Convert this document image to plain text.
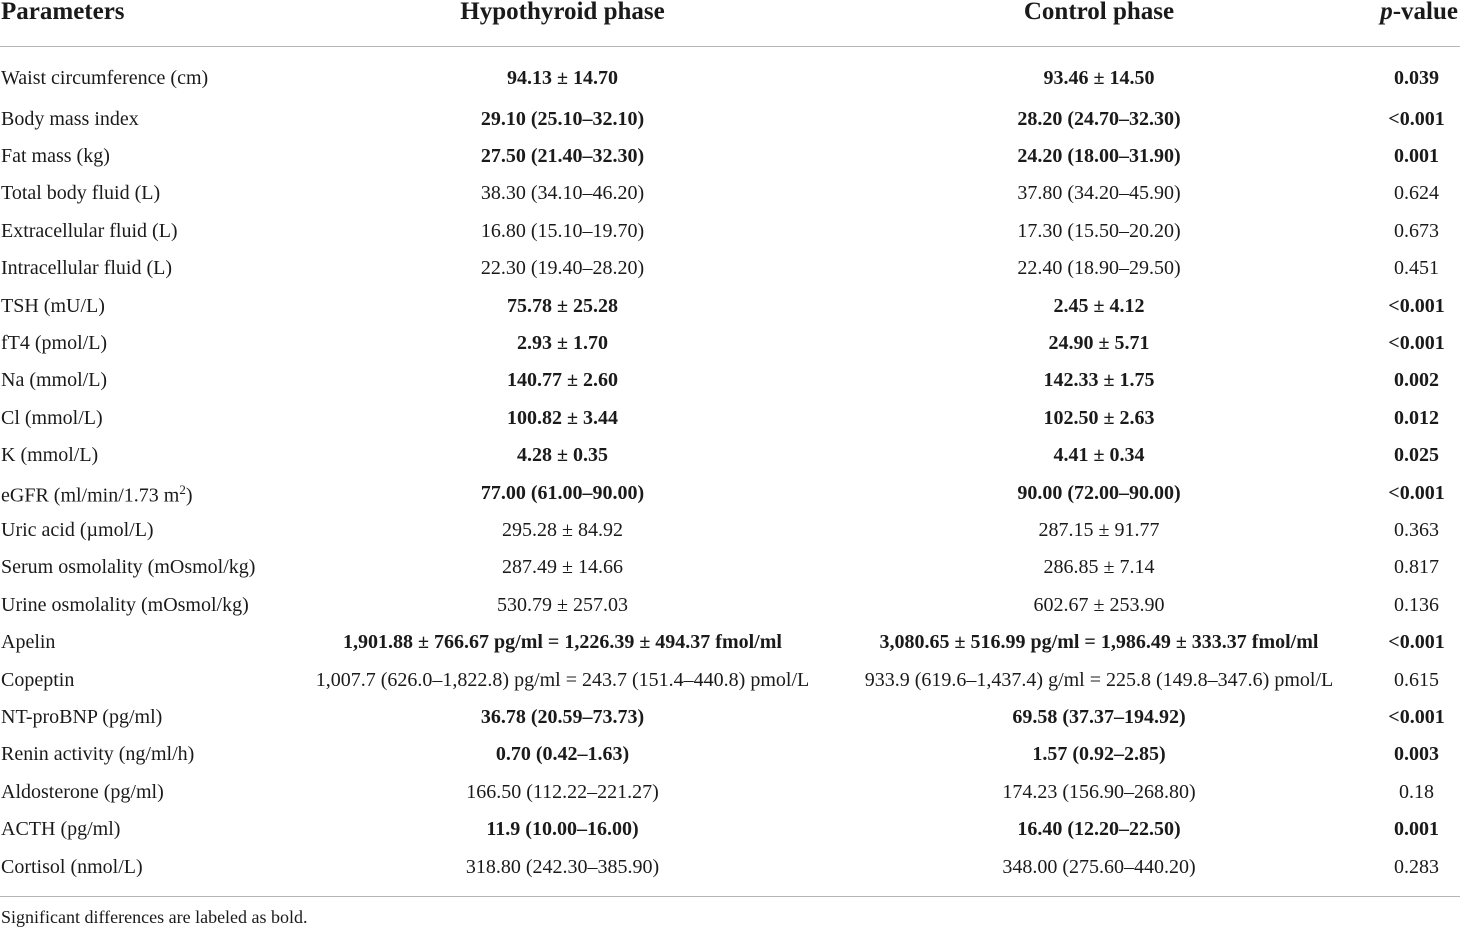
Parameters	Hypothyroid phase	Control phase	p-value
Waist circumference (cm)	94.13 ± 14.70	93.46 ± 14.50	0.039
Body mass index	29.10 (25.10–32.10)	28.20 (24.70–32.30)	<0.001
Fat mass (kg)	27.50 (21.40–32.30)	24.20 (18.00–31.90)	0.001
Total body fluid (L)	38.30 (34.10–46.20)	37.80 (34.20–45.90)	0.624
Extracellular fluid (L)	16.80 (15.10–19.70)	17.30 (15.50–20.20)	0.673
Intracellular fluid (L)	22.30 (19.40–28.20)	22.40 (18.90–29.50)	0.451
TSH (mU/L)	75.78 ± 25.28	2.45 ± 4.12	<0.001
fT4 (pmol/L)	2.93 ± 1.70	24.90 ± 5.71	<0.001
Na (mmol/L)	140.77 ± 2.60	142.33 ± 1.75	0.002
Cl (mmol/L)	100.82 ± 3.44	102.50 ± 2.63	0.012
K (mmol/L)	4.28 ± 0.35	4.41 ± 0.34	0.025
eGFR (ml/min/1.73 $m^2$)	77.00 (61.00–90.00)	90.00 (72.00–90.00)	<0.001
Uric acid (µmol/L)	295.28 ± 84.92	287.15 ± 91.77	0.363
Serum osmolality (mOsmol/kg)	287.49 ± 14.66	286.85 ± 7.14	0.817
Urine osmolality (mOsmol/kg)	530.79 ± 257.03	602.67 ± 253.90	0.136
Apelin	1,901.88 ± 766.67 pg/ml = 1,226.39 ± 494.37 fmol/ml	3,080.65 ± 516.99 pg/ml = 1,986.49 ± 333.37 fmol/ml	<0.001
Copeptin	1,007.7 (626.0–1,822.8) pg/ml = 243.7 (151.4–440.8) pmol/L	933.9 (619.6–1,437.4) g/ml = 225.8 (149.8–347.6) pmol/L	0.615
NT-proBNP (pg/ml)	36.78 (20.59–73.73)	69.58 (37.37–194.92)	<0.001
Renin activity (ng/ml/h)	0.70 (0.42–1.63)	1.57 (0.92–2.85)	0.003
Aldosterone (pg/ml)	166.50 (112.22–221.27)	174.23 (156.90–268.80)	0.18
ACTH (pg/ml)	11.9 (10.00–16.00)	16.40 (12.20–22.50)	0.001
Cortisol (nmol/L)	318.80 (242.30–385.90)	348.00 (275.60–440.20)	0.283
Significant differences are labeled as bold.
